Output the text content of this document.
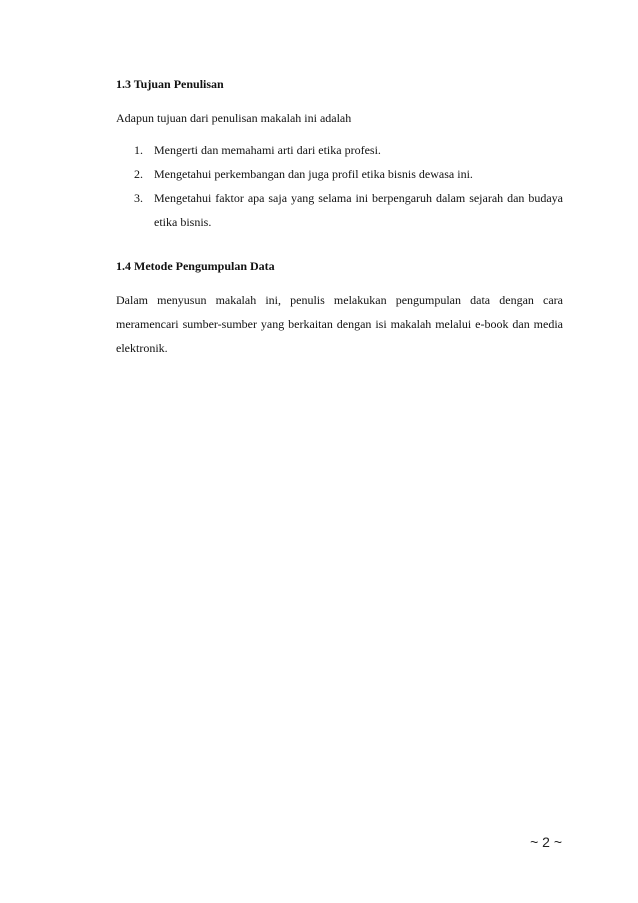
1.3 Tujuan Penulisan

Adapun tujuan dari penulisan makalah ini adalah

1. Mengerti dan memahami arti dari etika profesi.
2. Mengetahui perkembangan dan juga profil etika bisnis dewasa ini.
3. Mengetahui faktor apa saja yang selama ini berpengaruh dalam sejarah dan budaya etika bisnis.
1.4 Metode Pengumpulan Data

Dalam menyusun makalah ini, penulis melakukan pengumpulan data dengan cara meramencari sumber-sumber yang berkaitan dengan isi makalah melalui e-book dan media elektronik.

~ 2 ~
